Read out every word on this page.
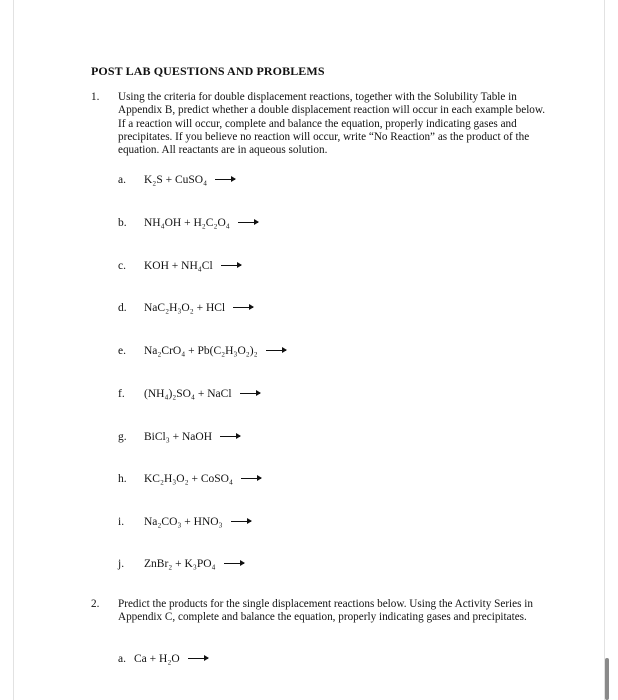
POST LAB QUESTIONS AND PROBLEMS
1. Using the criteria for double displacement reactions, together with the Solubility Table in Appendix B, predict whether a double displacement reaction will occur in each example below. If a reaction will occur, complete and balance the equation, properly indicating gases and precipitates. If you believe no reaction will occur, write “No Reaction” as the product of the equation. All reactants are in aqueous solution.
a. K₂S + CuSO₄ →
b. NH₄OH + H₂C₂O₄ →
c. KOH + NH₄Cl →
d. NaC₂H₃O₂ + HCl →
e. Na₂CrO₄ + Pb(C₂H₃O₂)₂ →
f. (NH₄)₂SO₄ + NaCl →
g. BiCl₃ + NaOH →
h. KC₂H₃O₂ + CoSO₄ →
i. Na₂CO₃ + HNO₃ →
j. ZnBr₂ + K₃PO₄ →
2. Predict the products for the single displacement reactions below. Using the Activity Series in Appendix C, complete and balance the equation, properly indicating gases and precipitates.
a. Ca + H₂O →
